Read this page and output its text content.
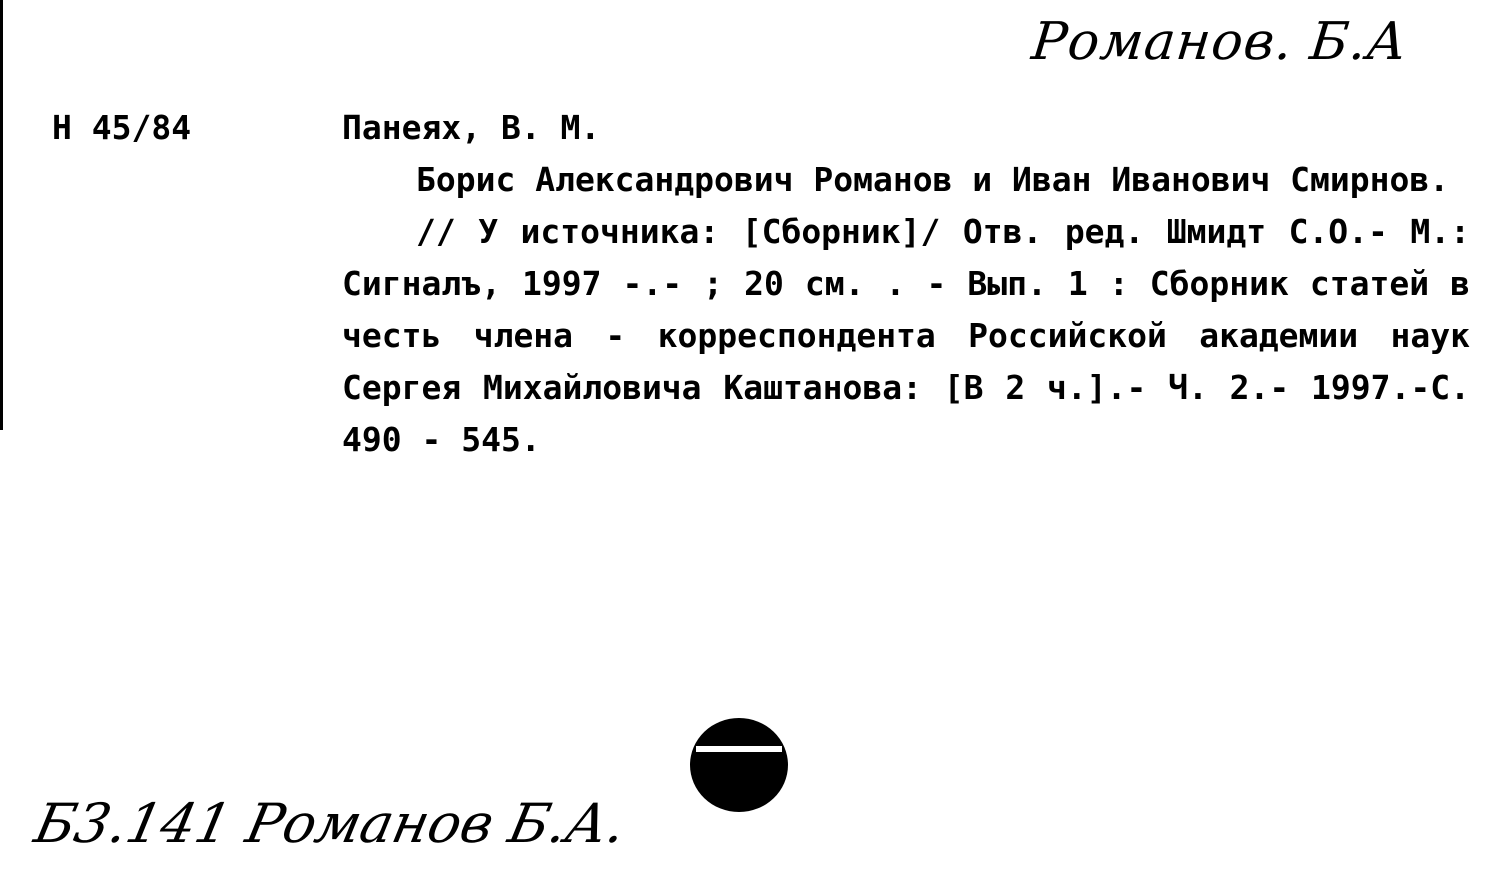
Романов. Б.А
Н 45/84	Панеях, В. М.
Борис Александрович Романов и Иван Иванович Смирнов.
// У источника: [Сборник]/ Отв. ред. Шмидт С.О.- М.: Сигналъ, 1997 -.- ; 20 см. . - Вып. 1 : Сборник статей в честь члена - корреспондента Российской академии наук Сергея Михайловича Каштанова: [В 2 ч.].- Ч. 2.- 1997.-С. 490 - 545.
Б3.141 Романов Б.А.
